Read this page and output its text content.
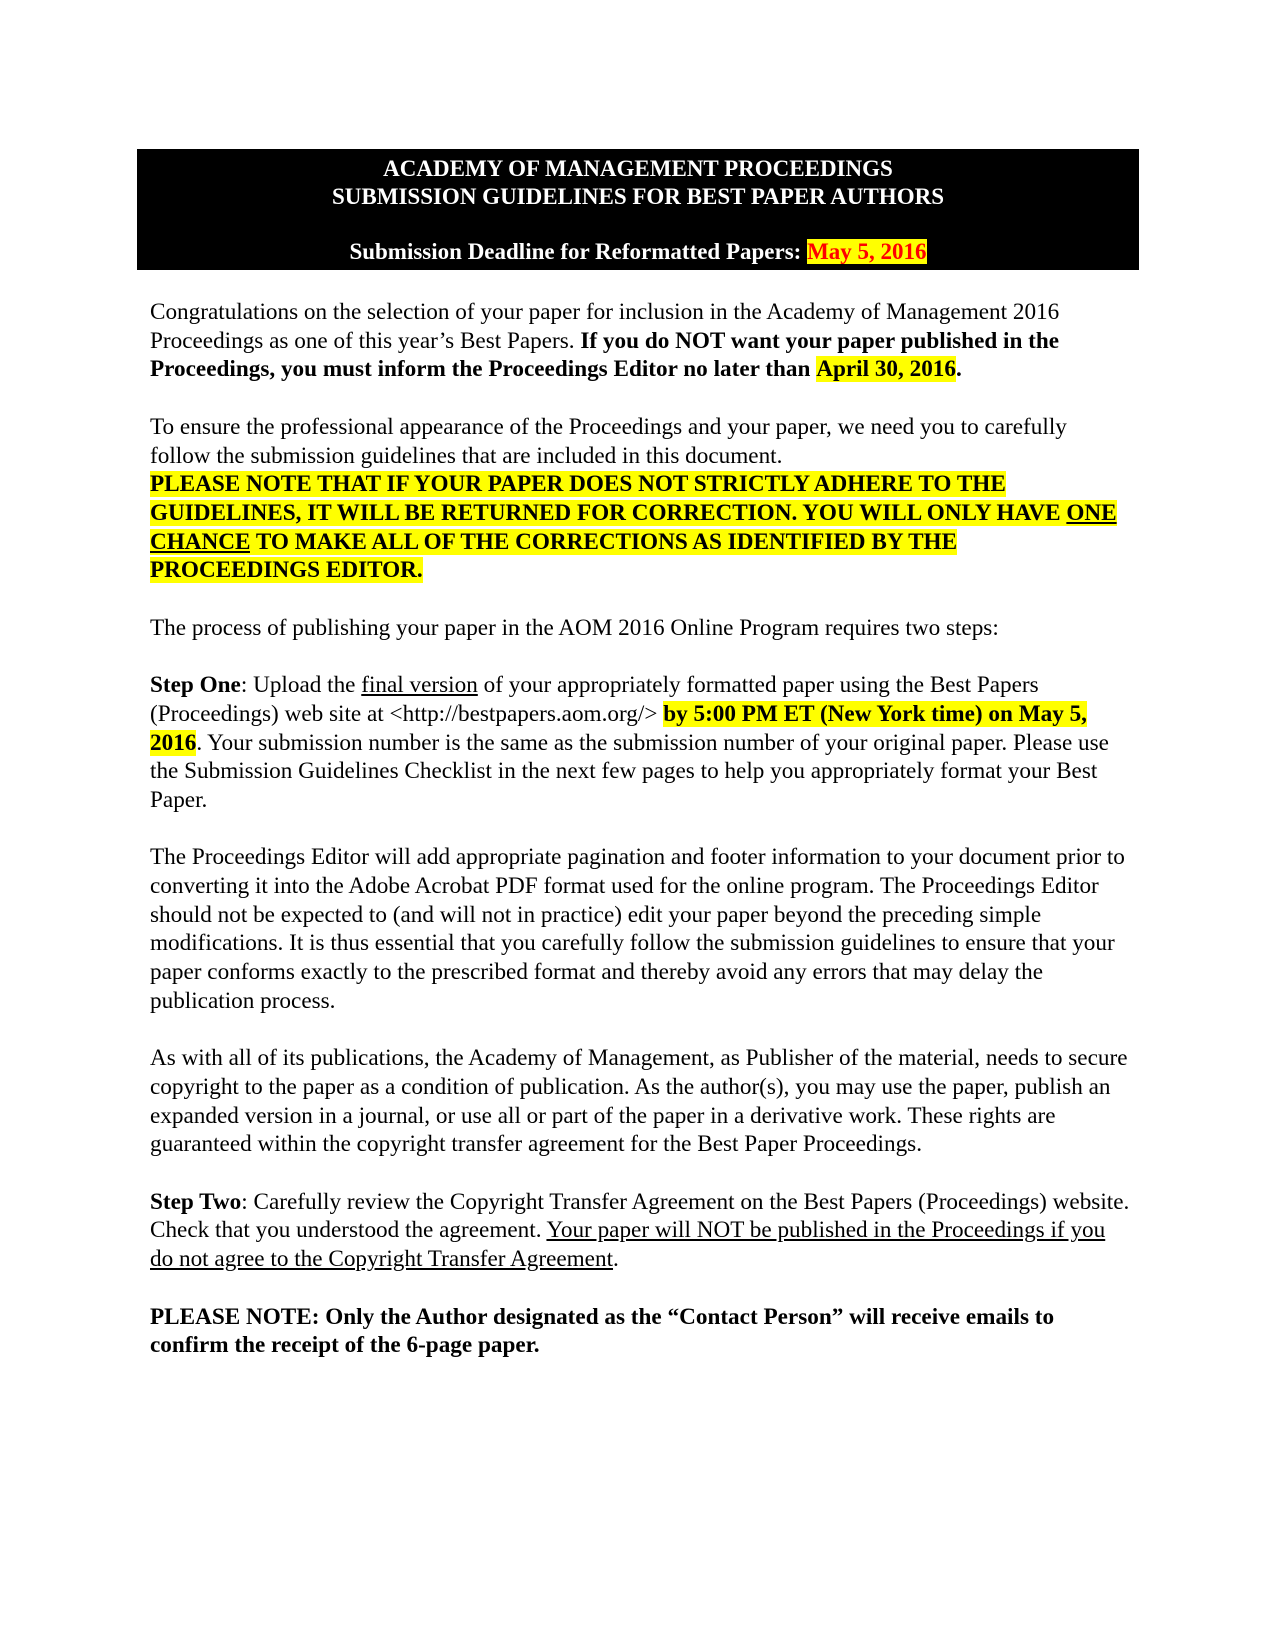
ACADEMY OF MANAGEMENT PROCEEDINGS
SUBMISSION GUIDELINES FOR BEST PAPER AUTHORS
Submission Deadline for Reformatted Papers: May 5, 2016

Congratulations on the selection of your paper for inclusion in the Academy of Management 2016 Proceedings as one of this year’s Best Papers. If you do NOT want your paper published in the Proceedings, you must inform the Proceedings Editor no later than April 30, 2016.

To ensure the professional appearance of the Proceedings and your paper, we need you to carefully follow the submission guidelines that are included in this document.
PLEASE NOTE THAT IF YOUR PAPER DOES NOT STRICTLY ADHERE TO THE GUIDELINES, IT WILL BE RETURNED FOR CORRECTION. YOU WILL ONLY HAVE ONE CHANCE TO MAKE ALL OF THE CORRECTIONS AS IDENTIFIED BY THE PROCEEDINGS EDITOR.

The process of publishing your paper in the AOM 2016 Online Program requires two steps:

Step One: Upload the final version of your appropriately formatted paper using the Best Papers (Proceedings) web site at <http://bestpapers.aom.org/> by 5:00 PM ET (New York time) on May 5, 2016. Your submission number is the same as the submission number of your original paper. Please use the Submission Guidelines Checklist in the next few pages to help you appropriately format your Best Paper.

The Proceedings Editor will add appropriate pagination and footer information to your document prior to converting it into the Adobe Acrobat PDF format used for the online program. The Proceedings Editor should not be expected to (and will not in practice) edit your paper beyond the preceding simple modifications. It is thus essential that you carefully follow the submission guidelines to ensure that your paper conforms exactly to the prescribed format and thereby avoid any errors that may delay the publication process.

As with all of its publications, the Academy of Management, as Publisher of the material, needs to secure copyright to the paper as a condition of publication. As the author(s), you may use the paper, publish an expanded version in a journal, or use all or part of the paper in a derivative work. These rights are guaranteed within the copyright transfer agreement for the Best Paper Proceedings.

Step Two: Carefully review the Copyright Transfer Agreement on the Best Papers (Proceedings) website. Check that you understood the agreement. Your paper will NOT be published in the Proceedings if you do not agree to the Copyright Transfer Agreement.

PLEASE NOTE: Only the Author designated as the “Contact Person” will receive emails to confirm the receipt of the 6-page paper.
